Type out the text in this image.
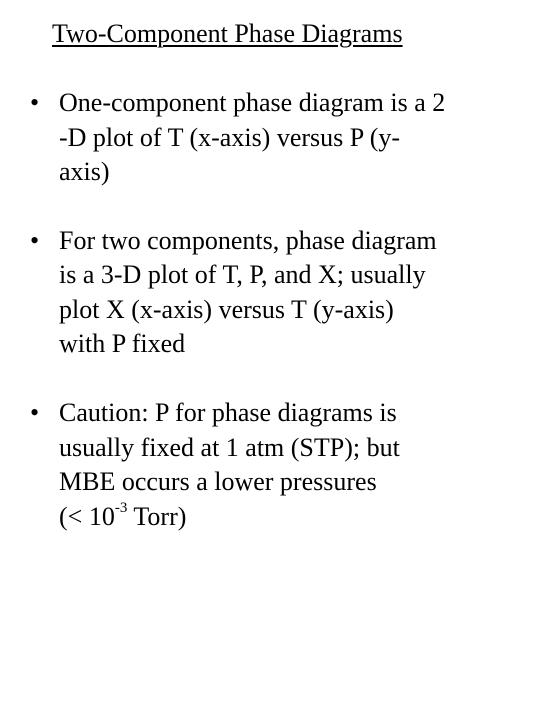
Two-Component Phase Diagrams
• One-component phase diagram is a 2
-D plot of T (x-axis) versus P (y-
axis)
• For two components, phase diagram
is a 3-D plot of T, P, and X; usually
plot X (x-axis) versus T (y-axis)
with P fixed
• Caution: P for phase diagrams is
usually fixed at 1 atm (STP); but
MBE occurs a lower pressures
(< $10^{-3}$ Torr)
